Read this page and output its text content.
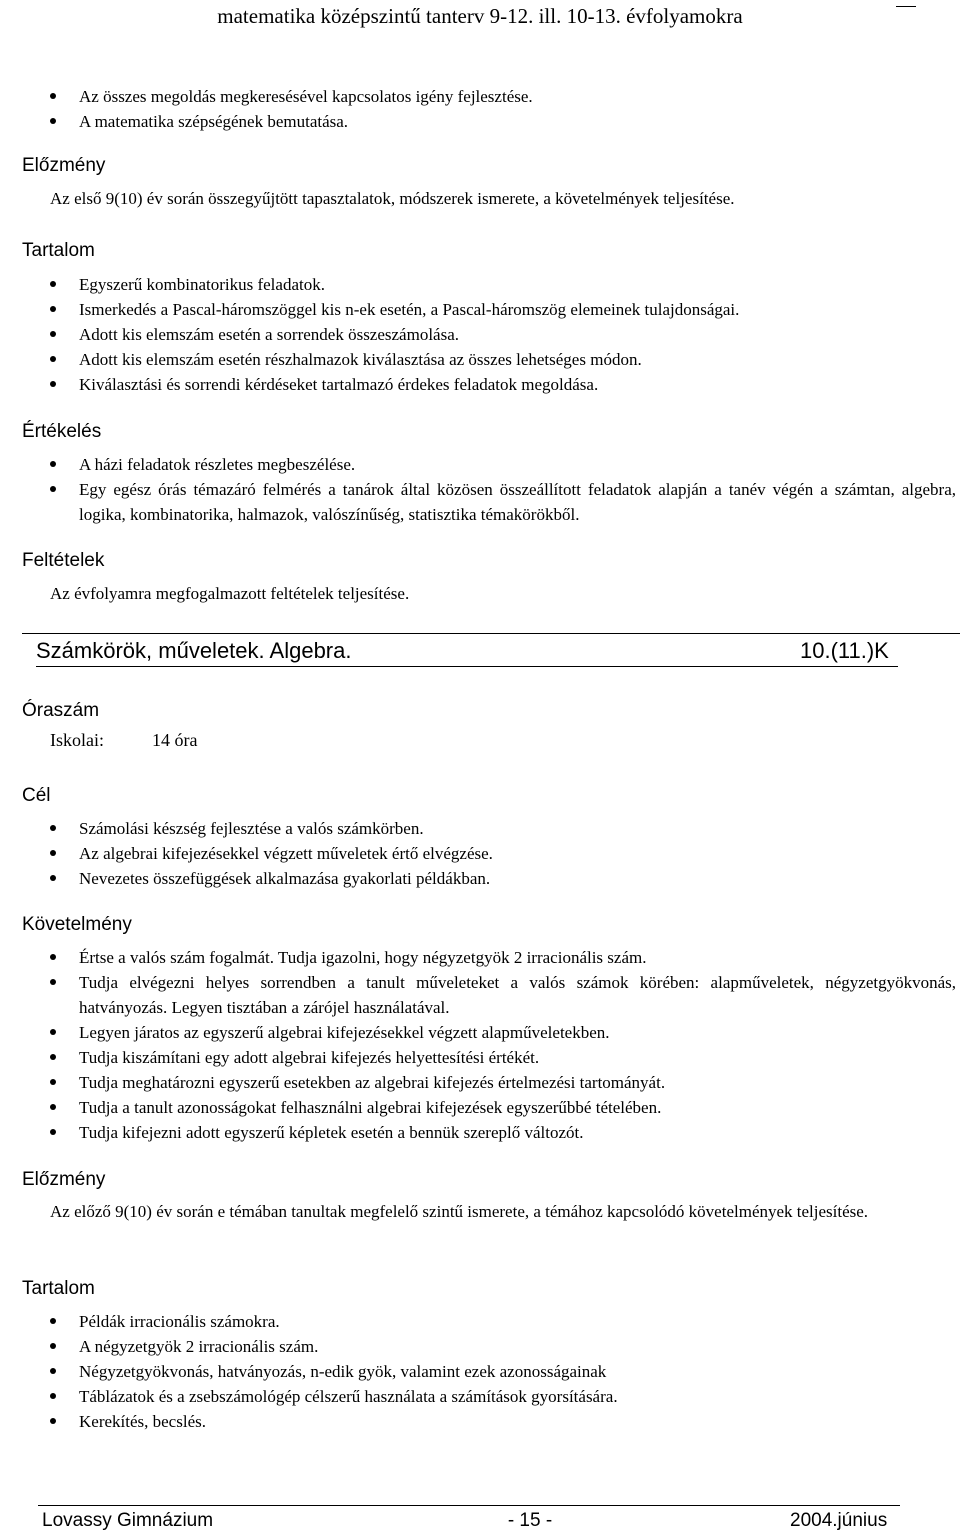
matematika középszintű tanterv 9-12. ill. 10-13. évfolyamokra
Az összes megoldás megkeresésével kapcsolatos igény fejlesztése.
A matematika szépségének bemutatása.
Előzmény
Az első 9(10) év során összegyűjtött tapasztalatok, módszerek ismerete, a követelmények teljesítése.
Tartalom
Egyszerű kombinatorikus feladatok.
Ismerkedés a Pascal-háromszöggel kis n-ek esetén, a Pascal-háromszög elemeinek tulajdonságai.
Adott kis elemszám esetén a sorrendek összeszámolása.
Adott kis elemszám esetén részhalmazok kiválasztása az összes lehetséges módon.
Kiválasztási és sorrendi kérdéseket tartalmazó érdekes feladatok megoldása.
Értékelés
A házi feladatok részletes megbeszélése.
Egy egész órás témazáró felmérés a tanárok által közösen összeállított feladatok alapján a tanév végén a számtan, algebra, logika, kombinatorika, halmazok, valószínűség, statisztika témakörökből.
Feltételek
Az évfolyamra megfogalmazott feltételek teljesítése.
Számkörök, műveletek. Algebra.	10.(11.)K
Óraszám
Iskolai:	14 óra
Cél
Számolási készség fejlesztése a valós számkörben.
Az algebrai kifejezésekkel végzett műveletek értő elvégzése.
Nevezetes összefüggések alkalmazása gyakorlati példákban.
Követelmény
Értse a valós szám fogalmát. Tudja igazolni, hogy négyzetgyök 2 irracionális szám.
Tudja elvégezni helyes sorrendben a tanult műveleteket a valós számok körében: alapműveletek, négyzetgyökvonás, hatványozás. Legyen tisztában a zárójel használatával.
Legyen járatos az egyszerű algebrai kifejezésekkel végzett alapműveletekben.
Tudja kiszámítani egy adott algebrai kifejezés helyettesítési értékét.
Tudja meghatározni egyszerű esetekben az algebrai kifejezés értelmezési tartományát.
Tudja a tanult azonosságokat felhasználni algebrai kifejezések egyszerűbbé tételében.
Tudja kifejezni adott egyszerű képletek esetén a bennük szereplő változót.
Előzmény
Az előző 9(10) év során e témában tanultak megfelelő szintű ismerete, a témához kapcsolódó követelmények teljesítése.
Tartalom
Példák irracionális számokra.
A négyzetgyök 2 irracionális szám.
Négyzetgyökvonás, hatványozás, n-edik gyök, valamint ezek azonosságainak
Táblázatok és a zsebszámológép célszerű használata a számítások gyorsítására.
Kerekítés, becslés.
Lovassy Gimnázium	- 15 -	2004.június
